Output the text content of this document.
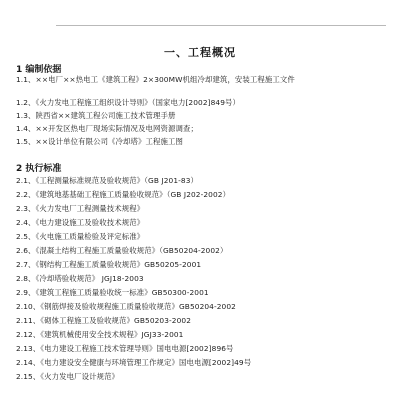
一、工程概况
1 编制依据
1.1、××电厂××热电工《建筑工程》2×300MW机组冷却建筑，安装工程施工文件
1.2、《火力发电工程施工组织设计导则》（国家电力[2002]849号）
1.3、陕西省××建筑工程公司施工技术管理手册
1.4、××开发区热电厂现场实际情况及电网资源调查；
1.5、××设计单位有限公司《冷却塔》工程施工图
2 执行标准
2.1、《工程测量标准规范及验收规范》（GB J201-83）
2.2、《建筑地基基础工程施工质量验收规范》（GB J202-2002）
2.3、《火力发电厂工程测量技术规程》
2.4、《电力建设施工及验收技术规范》
2.5、《火电施工质量检验及评定标准》
2.6、《混凝土结构工程施工质量验收规范》（GB50204-2002）
2.7、《钢结构工程施工质量验收规范》GB50205-2001
2.8、《冷却塔验收规范》 JGJ18-2003
2.9、《建筑工程施工质量验收统一标准》GB50300-2001
2.10、《钢筋焊接及验收规程施工质量验收规范》GB50204-2002
2.11、《砌体工程施工及验收规范》GB50203-2002
2.12、《建筑机械使用安全技术规程》JGJ33-2001
2.13、《电力建设工程施工技术管理导则》国电电源[2002]896号
2.14、《电力建设安全健康与环境管理工作规定》国电电源[2002]49号
2.15、《火力发电厂设计规范》
